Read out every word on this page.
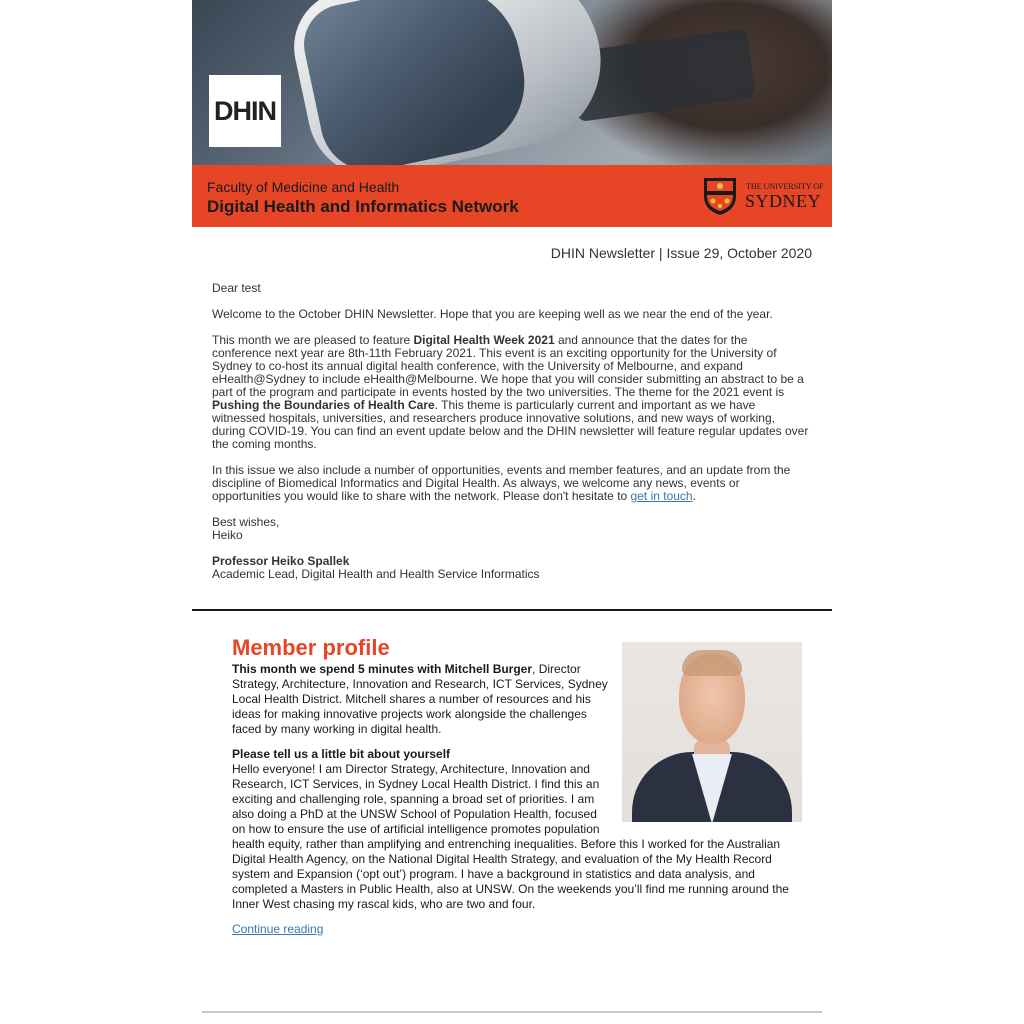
DHIN
Faculty of Medicine and Health
Digital Health and Informatics Network
THE UNIVERSITY OF
SYDNEY
DHIN Newsletter | Issue 29, October 2020

Dear test

Welcome to the October DHIN Newsletter. Hope that you are keeping well as we near the end of the year.

This month we are pleased to feature Digital Health Week 2021 and announce that the dates for the conference next year are 8th-11th February 2021. This event is an exciting opportunity for the University of Sydney to co-host its annual digital health conference, with the University of Melbourne, and expand eHealth@Sydney to include eHealth@Melbourne. We hope that you will consider submitting an abstract to be a part of the program and participate in events hosted by the two universities. The theme for the 2021 event is Pushing the Boundaries of Health Care. This theme is particularly current and important as we have witnessed hospitals, universities, and researchers produce innovative solutions, and new ways of working, during COVID-19. You can find an event update below and the DHIN newsletter will feature regular updates over the coming months.

In this issue we also include a number of opportunities, events and member features, and an update from the discipline of Biomedical Informatics and Digital Health. As always, we welcome any news, events or opportunities you would like to share with the network. Please don't hesitate to get in touch.

Best wishes,
Heiko

Professor Heiko Spallek
Academic Lead, Digital Health and Health Service Informatics

Member profile

This month we spend 5 minutes with Mitchell Burger, Director Strategy, Architecture, Innovation and Research, ICT Services, Sydney Local Health District. Mitchell shares a number of resources and his ideas for making innovative projects work alongside the challenges faced by many working in digital health.

Please tell us a little bit about yourself
Hello everyone! I am Director Strategy, Architecture, Innovation and Research, ICT Services, in Sydney Local Health District. I find this an exciting and challenging role, spanning a broad set of priorities. I am also doing a PhD at the UNSW School of Population Health, focused on how to ensure the use of artificial intelligence promotes population health equity, rather than amplifying and entrenching inequalities. Before this I worked for the Australian Digital Health Agency, on the National Digital Health Strategy, and evaluation of the My Health Record system and Expansion (‘opt out’) program. I have a background in statistics and data analysis, and completed a Masters in Public Health, also at UNSW. On the weekends you’ll find me running around the Inner West chasing my rascal kids, who are two and four.

Continue reading
